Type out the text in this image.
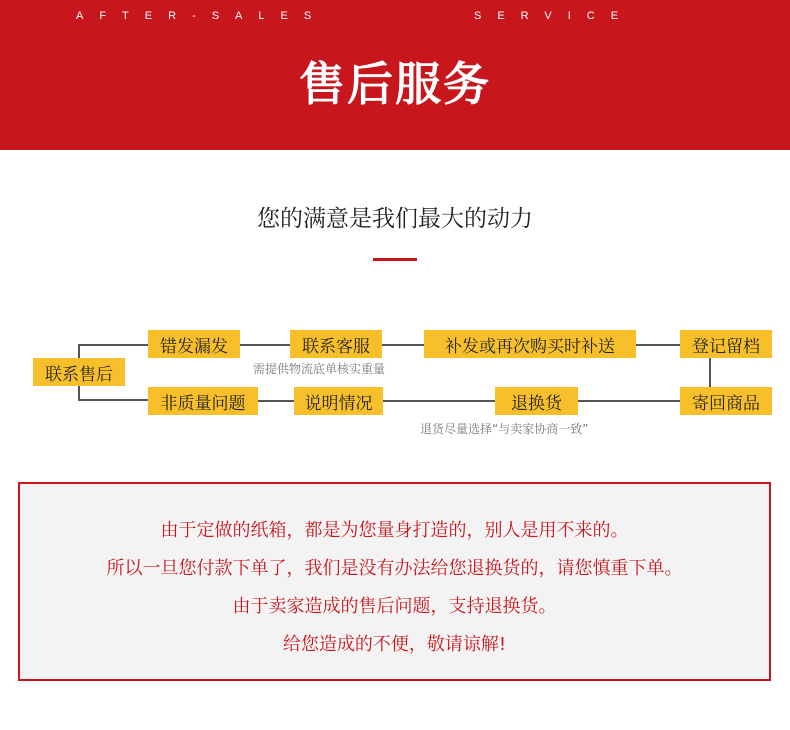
AFTER-SALES	SERVICE
售后服务
您的满意是我们最大的动力
联系售后
错发漏发	联系客服	补发或再次购买时补送	登记留档
需提供物流底单核实重量
非质量问题	说明情况	退换货	寄回商品
退货尽量选择“与卖家协商一致”
由于定做的纸箱，都是为您量身打造的，别人是用不来的。
所以一旦您付款下单了，我们是没有办法给您退换货的，请您慎重下单。
由于卖家造成的售后问题，支持退换货。
给您造成的不便，敬请谅解!
